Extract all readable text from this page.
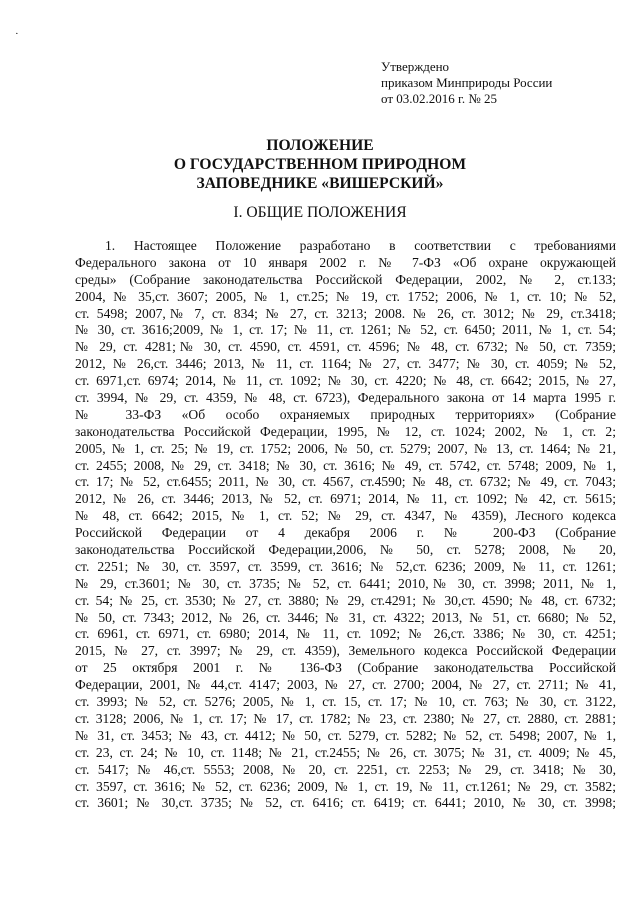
·
Утверждено
приказом Минприроды России
от 03.02.2016 г. № 25
ПОЛОЖЕНИЕ
О ГОСУДАРСТВЕННОМ ПРИРОДНОМ
ЗАПОВЕДНИКЕ «ВИШЕРСКИЙ»
I. ОБЩИЕ ПОЛОЖЕНИЯ
1. Настоящее Положение разработано в соответствии с требованиями
Федерального закона от 10 января 2002 г. № 7-ФЗ «Об охране окружающей
среды» (Собрание законодательства Российской Федерации, 2002, № 2, ст.133;
2004, № 35,ст. 3607; 2005, № 1, ст.25; № 19, ст. 1752; 2006, № 1, ст. 10; № 52,
ст. 5498; 2007,№ 7, ст. 834; № 27, ст. 3213; 2008. № 26, ст. 3012; № 29, ст.3418;
№ 30, ст. 3616;2009, № 1, ст. 17; № 11, ст. 1261; № 52, ст. 6450; 2011, № 1, ст. 54;
№ 29, ст. 4281;№ 30, ст. 4590, ст. 4591, ст. 4596; № 48, ст. 6732; № 50, ст. 7359;
2012, № 26,ст. 3446; 2013, № 11, ст. 1164; № 27, ст. 3477; № 30, ст. 4059; № 52,
ст. 6971,ст. 6974; 2014, № 11, ст. 1092; № 30, ст. 4220; № 48, ст. 6642; 2015, № 27,
ст. 3994, № 29, ст. 4359, № 48, ст. 6723), Федерального закона от 14 марта 1995 г.
№ 33-ФЗ «Об особо охраняемых природных территориях» (Собрание
законодательства Российской Федерации, 1995, № 12, ст. 1024; 2002, № 1, ст. 2;
2005, № 1, ст. 25; № 19, ст. 1752; 2006, № 50, ст. 5279; 2007, № 13, ст. 1464; № 21,
ст. 2455; 2008, № 29, ст. 3418; № 30, ст. 3616; № 49, ст. 5742, ст. 5748; 2009, № 1,
ст. 17; № 52, ст.6455; 2011, № 30, ст. 4567, ст.4590; № 48, ст. 6732; № 49, ст. 7043;
2012, № 26, ст. 3446; 2013, № 52, ст. 6971; 2014, № 11, ст. 1092; № 42, ст. 5615;
№ 48, ст. 6642; 2015, № 1, ст. 52; № 29, ст. 4347, № 4359), Лесного кодекса
Российской Федерации от 4 декабря 2006 г. № 200-ФЗ (Собрание
законодательства Российской Федерации,2006, № 50, ст. 5278; 2008, № 20,
ст. 2251; № 30, ст. 3597, ст. 3599, ст. 3616; № 52,ст. 6236; 2009, № 11, ст. 1261;
№ 29, ст.3601; № 30, ст. 3735; № 52, ст. 6441; 2010,№ 30, ст. 3998; 2011, № 1,
ст. 54; № 25, ст. 3530; № 27, ст. 3880; № 29, ст.4291; № 30,ст. 4590; № 48, ст. 6732;
№ 50, ст. 7343; 2012, № 26, ст. 3446; № 31, ст. 4322; 2013, № 51, ст. 6680; № 52,
ст. 6961, ст. 6971, ст. 6980; 2014, № 11, ст. 1092; № 26,ст. 3386; № 30, ст. 4251;
2015, № 27, ст. 3997; № 29, ст. 4359), Земельного кодекса Российской Федерации
от 25 октября 2001 г. № 136-ФЗ (Собрание законодательства Российской
Федерации, 2001, № 44,ст. 4147; 2003, № 27, ст. 2700; 2004, № 27, ст. 2711; № 41,
ст. 3993; № 52, ст. 5276; 2005, № 1, ст. 15, ст. 17; № 10, ст. 763; № 30, ст. 3122,
ст. 3128; 2006, № 1, ст. 17; № 17, ст. 1782; № 23, ст. 2380; № 27, ст. 2880, ст. 2881;
№ 31, ст. 3453; № 43, ст. 4412; № 50, ст. 5279, ст. 5282; № 52, ст. 5498; 2007, № 1,
ст. 23, ст. 24; № 10, ст. 1148; № 21, ст.2455; № 26, ст. 3075; № 31, ст. 4009; № 45,
ст. 5417; № 46,ст. 5553; 2008, № 20, ст. 2251, ст. 2253; № 29, ст. 3418; № 30,
ст. 3597, ст. 3616; № 52, ст. 6236; 2009, № 1, ст. 19, № 11, ст.1261; № 29, ст. 3582;
ст. 3601; № 30,ст. 3735; № 52, ст. 6416; ст. 6419; ст. 6441; 2010, № 30, ст. 3998;
